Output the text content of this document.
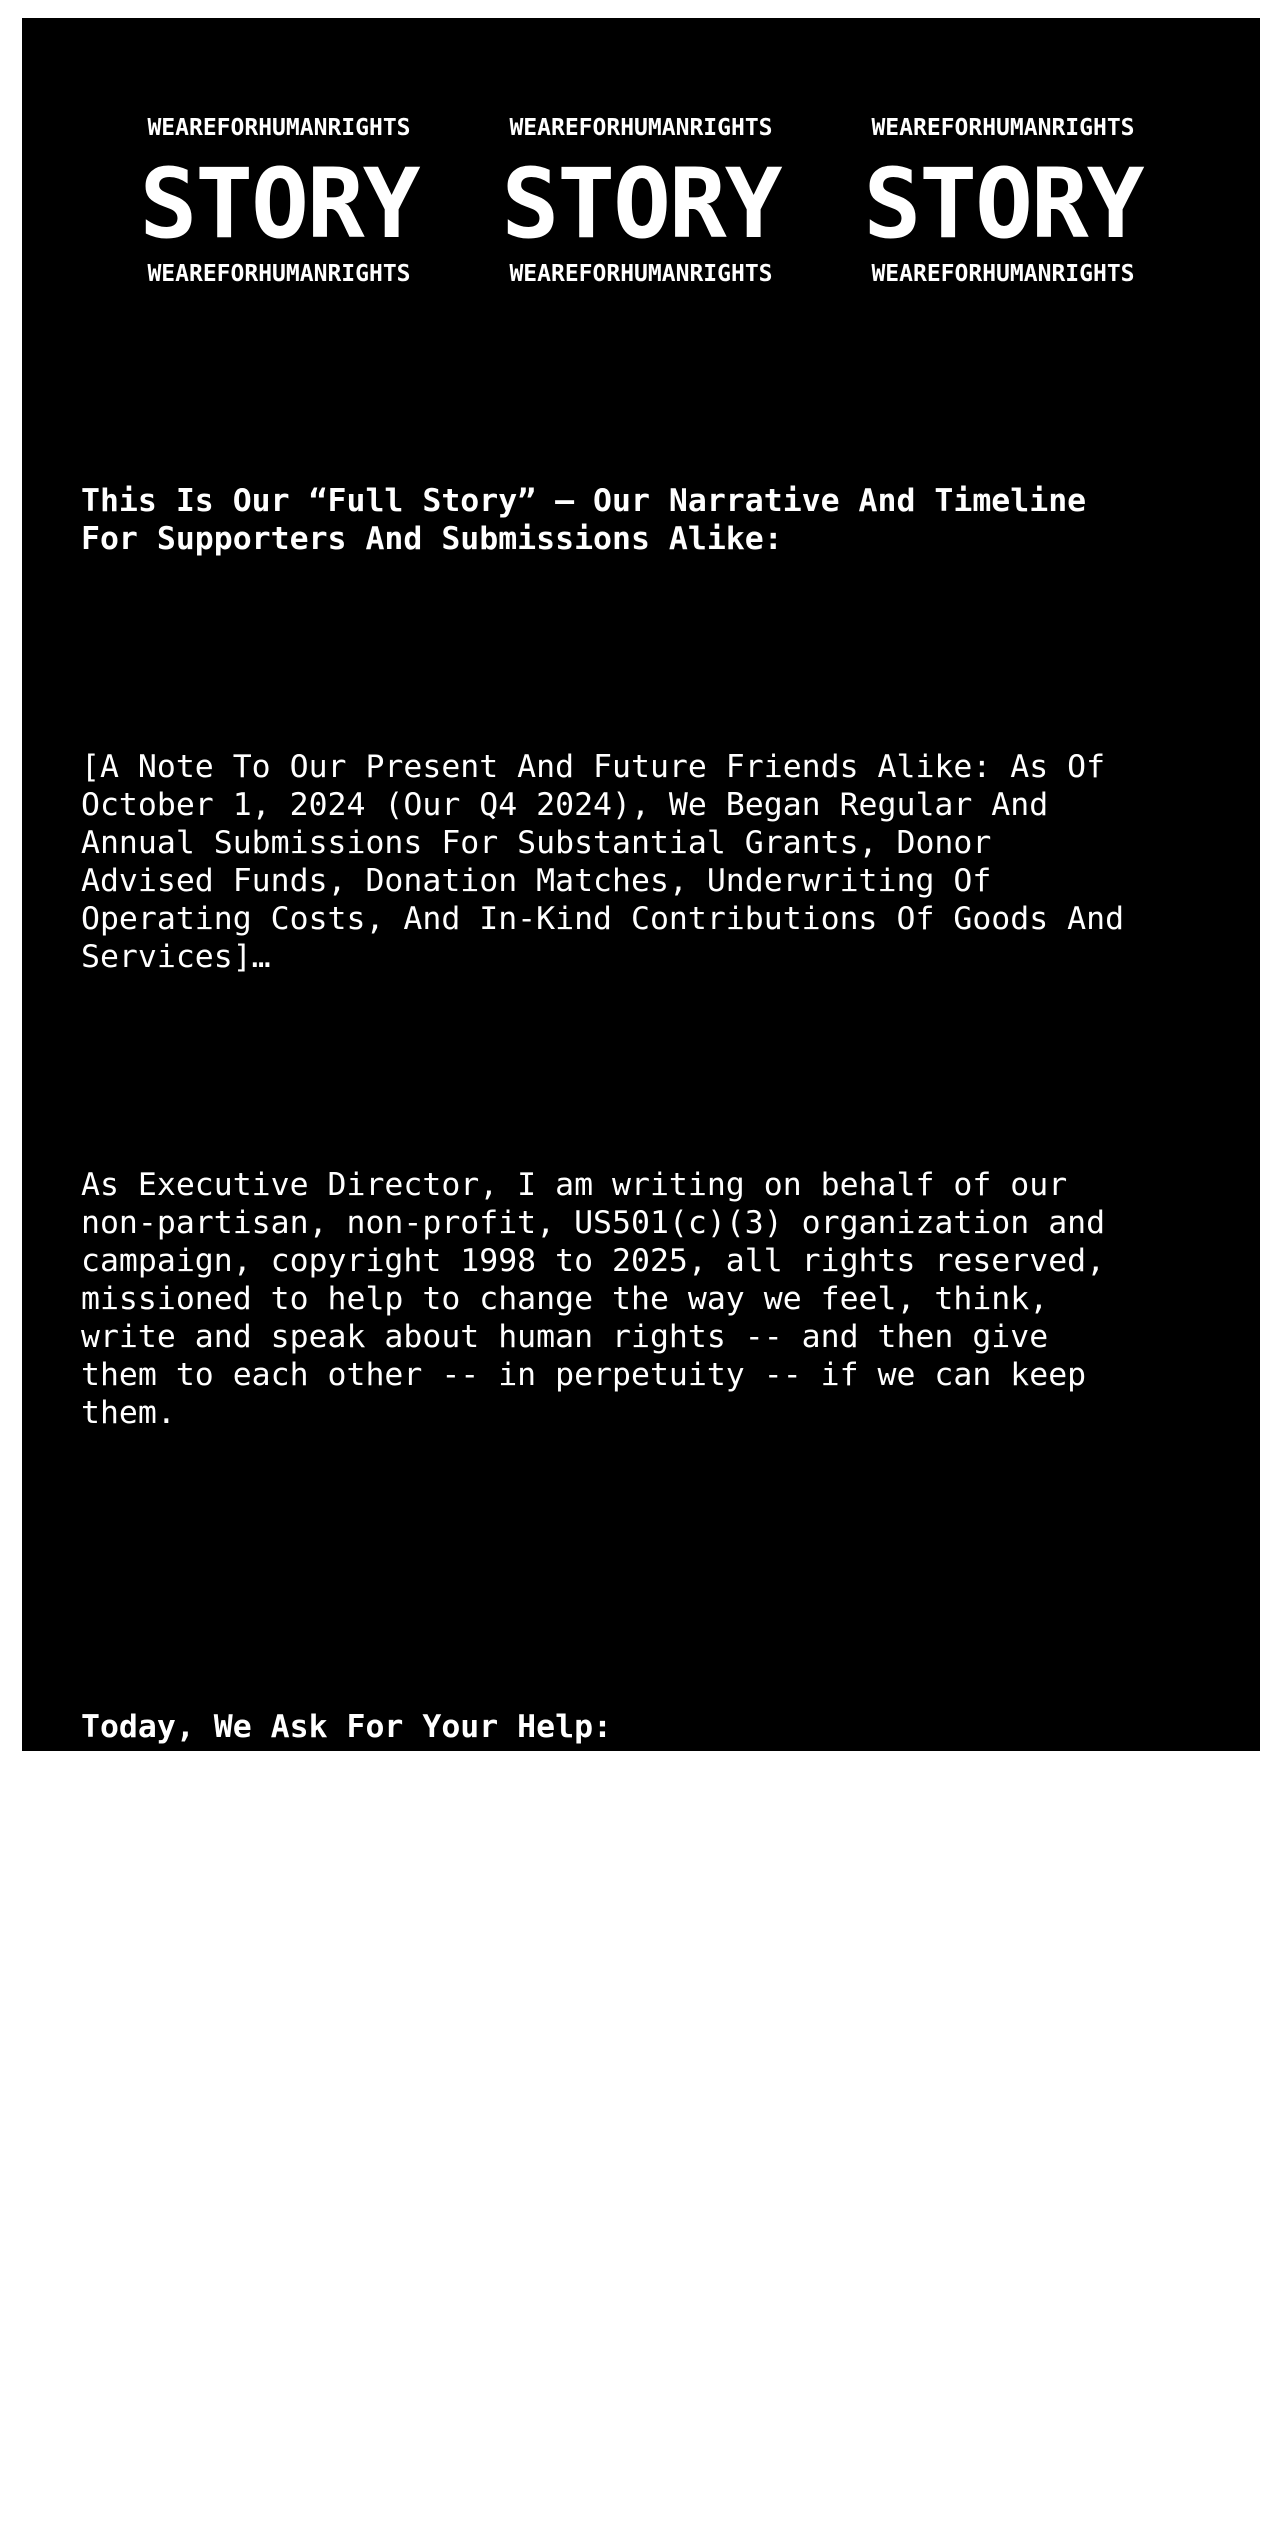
WEAREFORHUMANRIGHTS
STORY
WEAREFORHUMANRIGHTS
WEAREFORHUMANRIGHTS
STORY
WEAREFORHUMANRIGHTS
WEAREFORHUMANRIGHTS
STORY
WEAREFORHUMANRIGHTS

This Is Our “Full Story” – Our Narrative And Timeline
For Supporters And Submissions Alike:

[A Note To Our Present And Future Friends Alike: As Of
October 1, 2024 (Our Q4 2024), We Began Regular And
Annual Submissions For Substantial Grants, Donor
Advised Funds, Donation Matches, Underwriting Of
Operating Costs, And In-Kind Contributions Of Goods And
Services]…

As Executive Director, I am writing on behalf of our
non-partisan, non-profit, US501(c)(3) organization and
campaign, copyright 1998 to 2025, all rights reserved,
missioned to help to change the way we feel, think,
write and speak about human rights -- and then give
them to each other -- in perpetuity -- if we can keep
them.

Today, We Ask For Your Help:

After more than a quarter-century and 1-million miles
on the road spent researching, developing and building
our supporter-supported organization and campaign, we
are ready to embrace the perpetual process of becoming
a submission-supported organization and campaign as
well (for the long-run -- literally -- more on that
below).

We thank you in advance for taking the time to read
this comprehensive writing and to meet with us in
